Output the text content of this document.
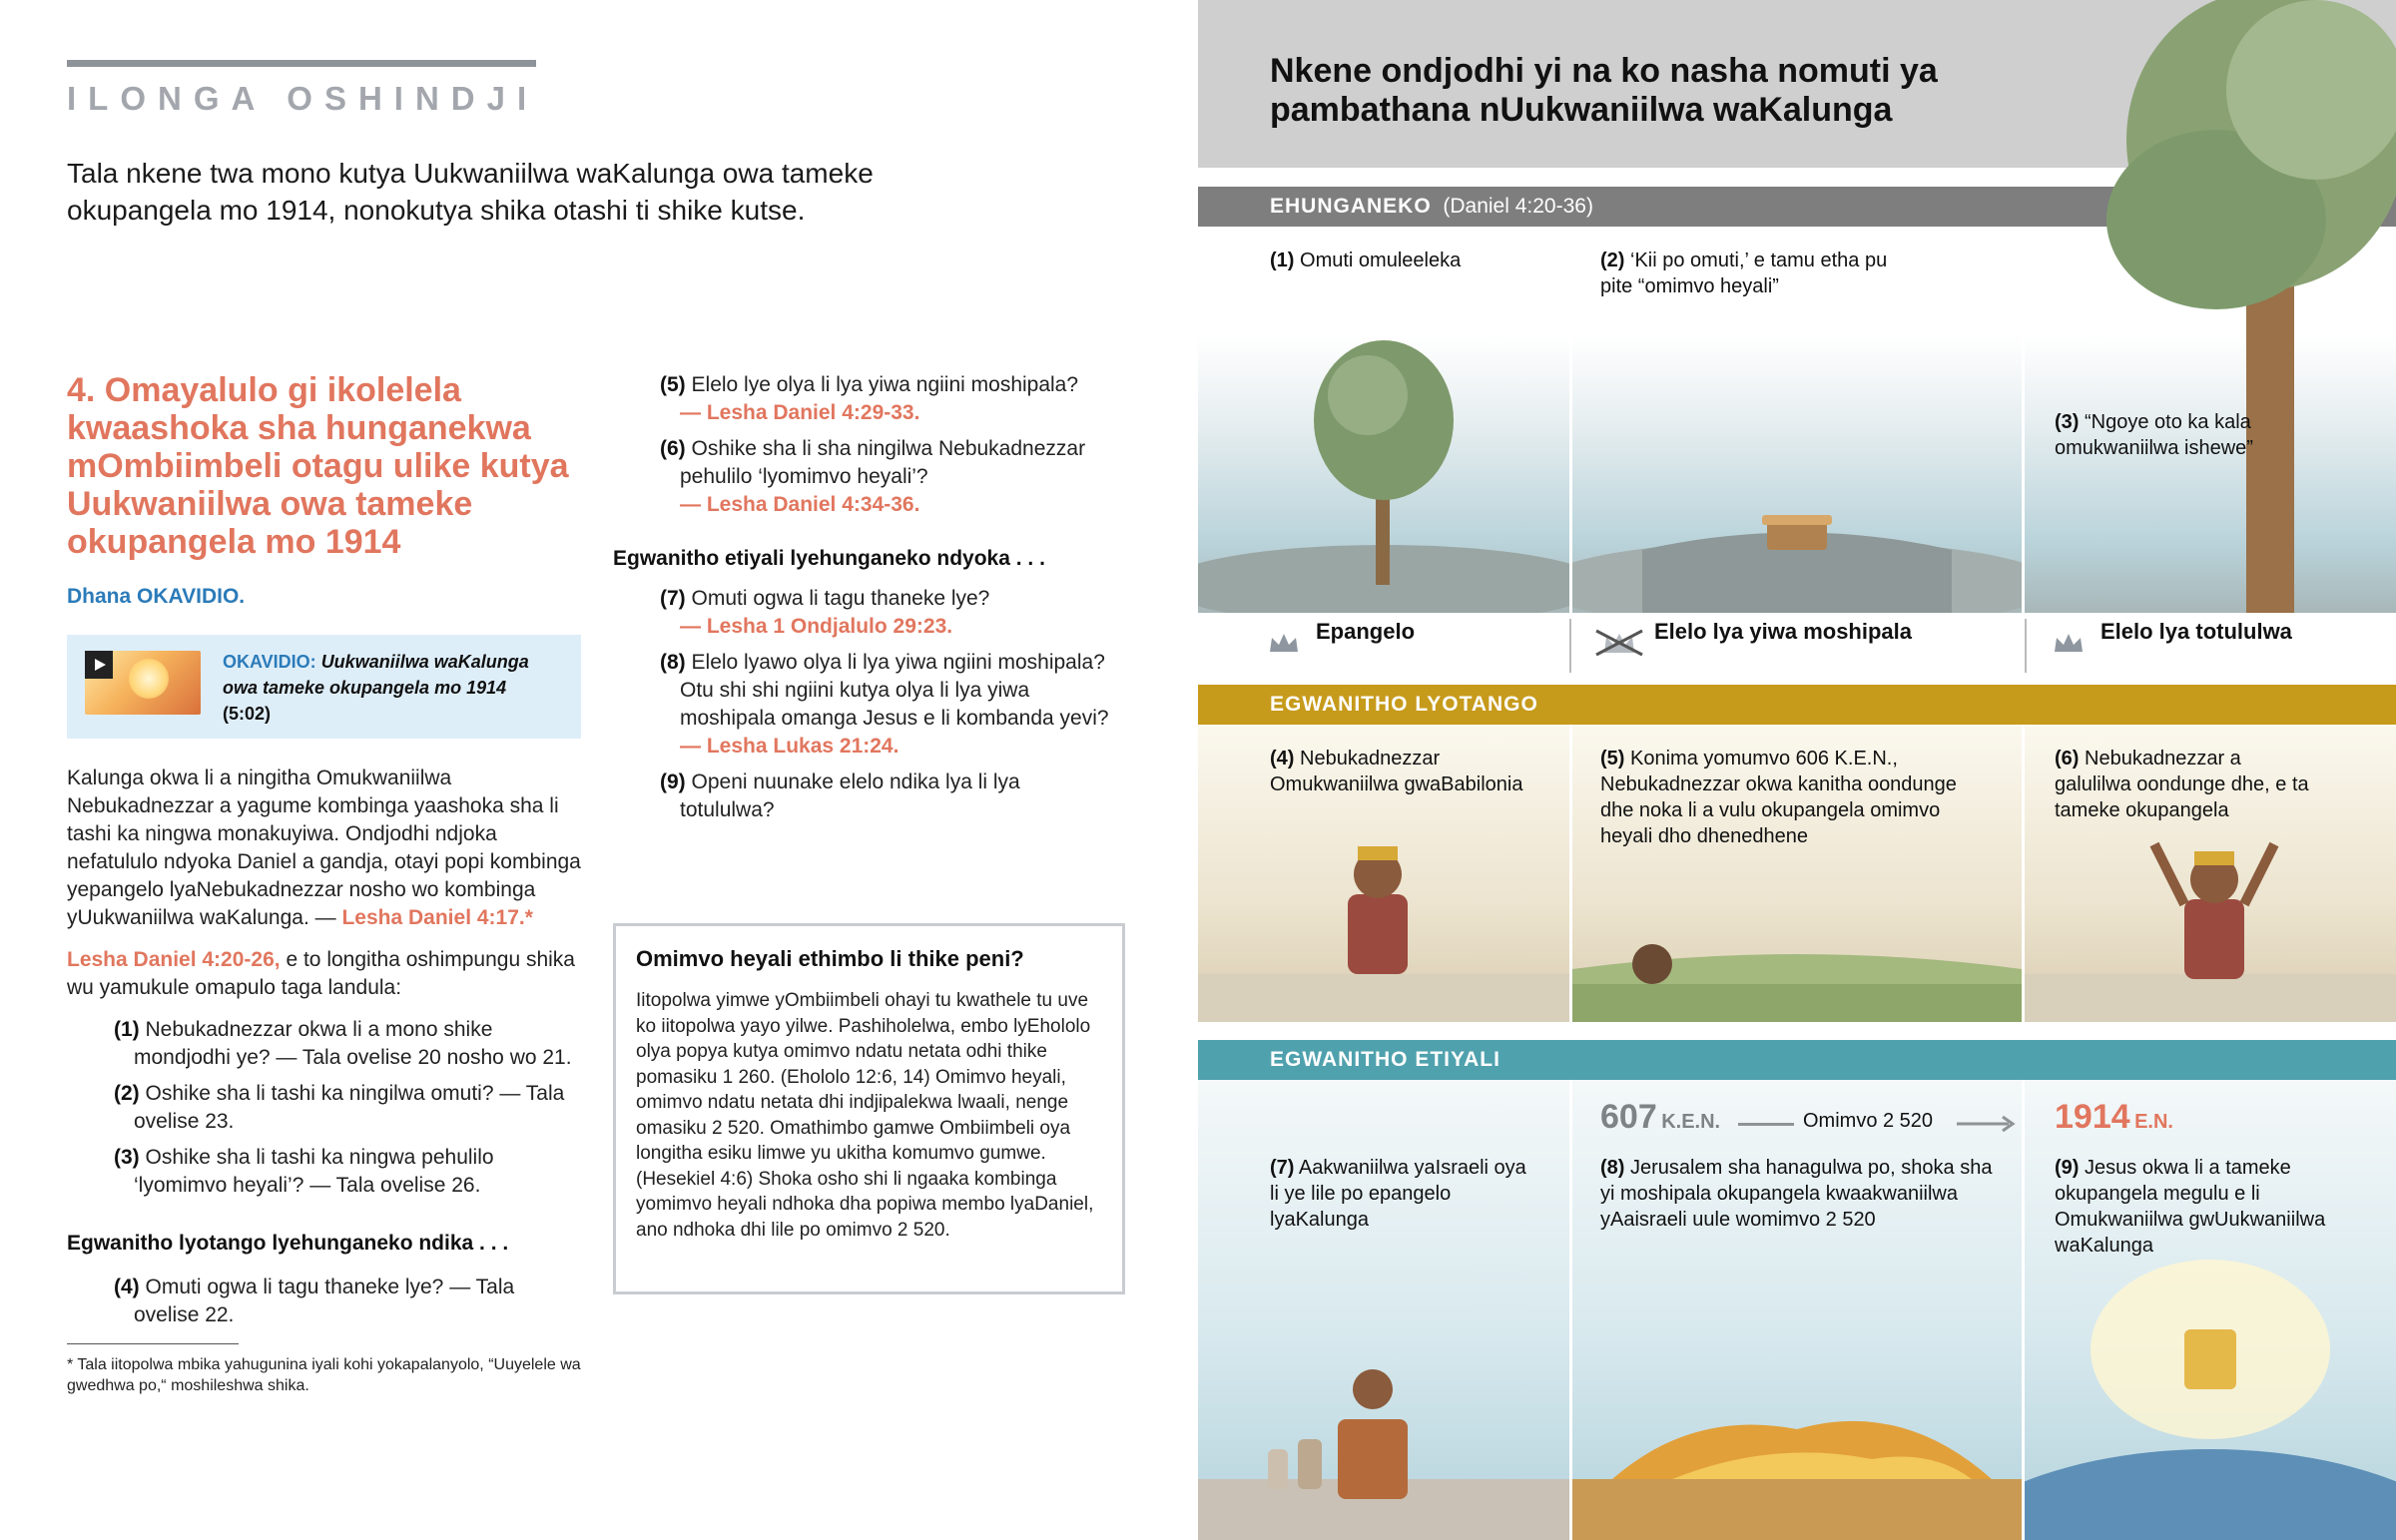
ILONGA OSHINDJI
Tala nkene twa mono kutya Uukwaniilwa waKalunga owa tameke okupangela mo 1914, nonokutya shika otashi ti shike kutse.
4. Omayalulo gi ikolelela kwaashoka sha hunganekwa mOmbiimbeli otagu ulike kutya Uukwaniilwa owa tameke okupangela mo 1914
Dhana OKAVIDIO.
OKAVIDIO: Uukwaniilwa waKalunga owa tameke okupangela mo 1914
(5:02)
Kalunga okwa li a ningitha Omukwaniilwa Nebukadnezzar a yagume kombinga yaashoka sha li tashi ka ningwa monakuyiwa. Ondjodhi ndjoka nefatululo ndyoka Daniel a gandja, otayi popi kombinga yepangelo lyaNebukadnezzar nosho wo kombinga yUukwaniilwa waKalunga. — Lesha Daniel 4:17.*
Lesha Daniel 4:20-26, e to longitha oshimpungu shika wu yamukule omapulo taga landula:
(1) Nebukadnezzar okwa li a mono shike mondjodhi ye? — Tala ovelise 20 nosho wo 21.
(2) Oshike sha li tashi ka ningilwa omuti? — Tala ovelise 23.
(3) Oshike sha li tashi ka ningwa pehulilo ‘lyomimvo heyali’? — Tala ovelise 26.
Egwanitho lyotango lyehunganeko ndika . . .
(4) Omuti ogwa li tagu thaneke lye? — Tala ovelise 22.
* Tala iitopolwa mbika yahugunina iyali kohi yokapalanyolo, “Uuyelele wa gwedhwa po,“ moshileshwa shika.
(5) Elelo lye olya li lya yiwa ngiini moshipala?
— Lesha Daniel 4:29-33.
(6) Oshike sha li sha ningilwa Nebukadnezzar pehulilo ‘lyomimvo heyali’?
— Lesha Daniel 4:34-36.
Egwanitho etiyali lyehunganeko ndyoka . . .
(7) Omuti ogwa li tagu thaneke lye?
— Lesha 1 Ondjalulo 29:23.
(8) Elelo lyawo olya li lya yiwa ngiini moshipala? Otu shi shi ngiini kutya olya li lya yiwa moshipala omanga Jesus e li kombanda yevi? — Lesha Lukas 21:24.
(9) Openi nuunake elelo ndika lya li lya totululwa?
Omimvo heyali ethimbo li thike peni?

Iitopolwa yimwe yOmbiimbeli ohayi tu kwathele tu uve ko iitopolwa yayo yilwe. Pashiholelwa, embo lyEhololo olya popya kutya omimvo ndatu netata odhi thike pomasiku 1 260. (Ehololo 12:6, 14) Omimvo heyali, omimvo ndatu netata dhi indjipalekwa lwaali, nenge omasiku 2 520. Omathimbo gamwe Ombiimbeli oya longitha esiku limwe yu ukitha komumvo gumwe. (Hesekiel 4:6) Shoka osho shi li ngaaka kombinga yomimvo heyali ndhoka dha popiwa membo lyaDaniel, ano ndhoka dhi lile po omimvo 2 520.

Nkene ondjodhi yi na ko nasha nomuti ya pambathana nUukwaniilwa waKalunga
EHUNGANEKO (Daniel 4:20-36)
(1) Omuti omuleeleka	(2) ‘Kii po omuti,’ e tamu etha pu pite “omimvo heyali”
(3) “Ngoye oto ka kala omukwaniilwa ishewe”
Epangelo	Elelo lya yiwa moshipala	Elelo lya totululwa
EGWANITHO LYOTANGO
(4) Nebukadnezzar Omukwaniilwa gwaBabilonia
(5) Konima yomumvo 606 K.E.N., Nebukadnezzar okwa kanitha oondunge dhe noka li a vulu okupangela omimvo heyali dho dhenedhene
(6) Nebukadnezzar a galulilwa oondunge dhe, e ta tameke okupangela
EGWANITHO ETIYALI
607 K.E.N.	Omimvo 2 520	1914 E.N.
(7) Aakwaniilwa yaIsraeli oya li ye lile po epangelo lyaKalunga
(8) Jerusalem sha hanagulwa po, shoka sha yi moshipala okupangela kwaakwaniilwa yAaisraeli uule womimvo 2 520
(9) Jesus okwa li a tameke okupangela megulu e li Omukwaniilwa gwUukwaniilwa waKalunga
